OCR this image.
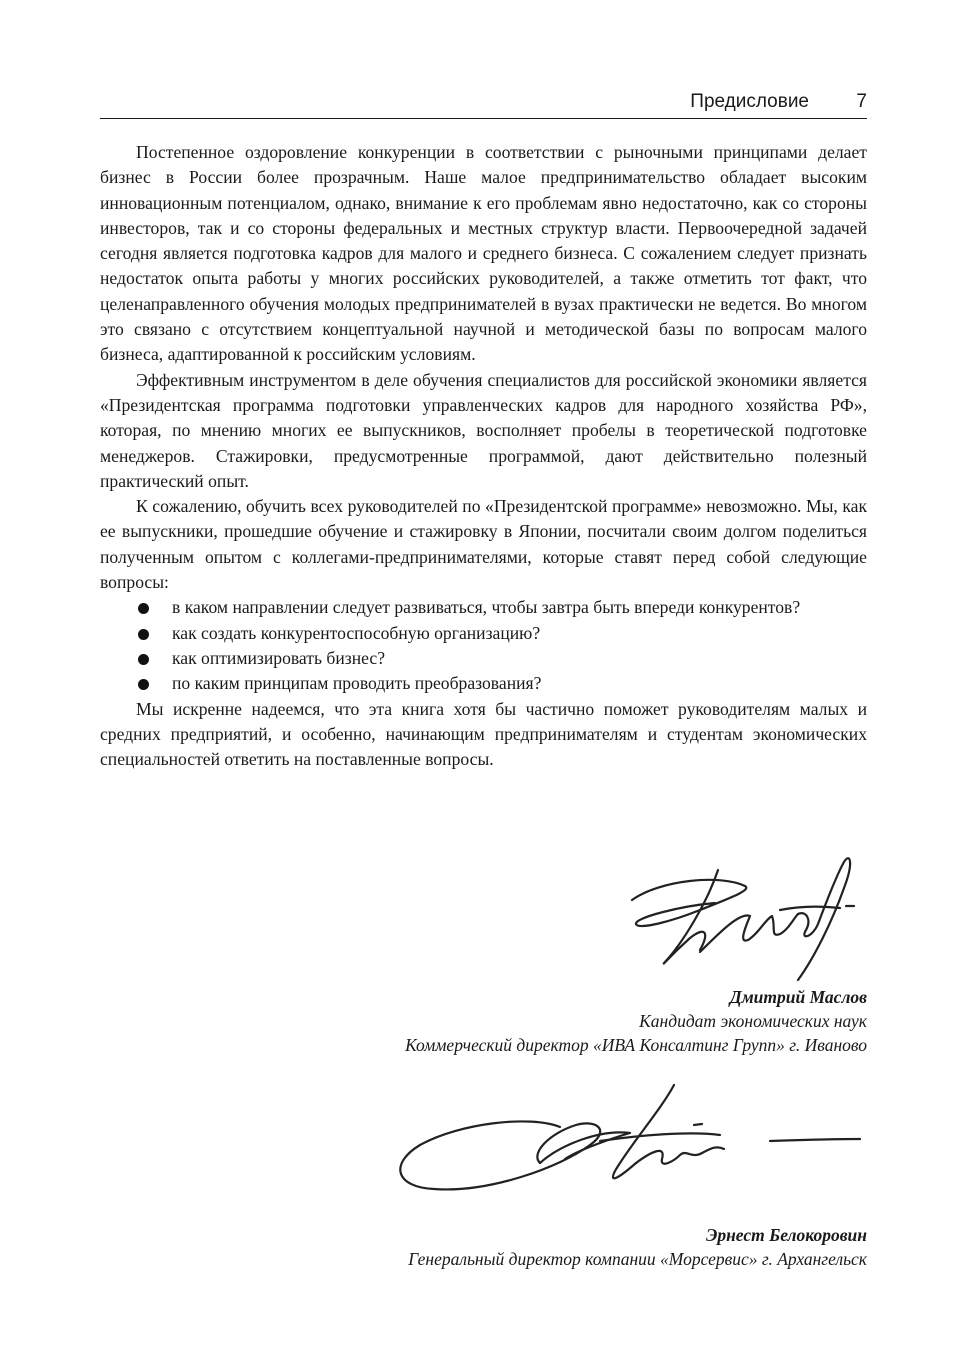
Предисловие 7

Постепенное оздоровление конкуренции в соответствии с рыночными принципами делает бизнес в России более прозрачным. Наше малое предпринимательство обладает высоким инновационным потенциалом, однако, внимание к его проблемам явно недостаточно, как со стороны инвесторов, так и со стороны федеральных и местных структур власти. Первоочередной задачей сегодня является подготовка кадров для малого и среднего бизнеса. С сожалением следует признать недостаток опыта работы у многих российских руководителей, а также отметить тот факт, что целенаправленного обучения молодых предпринимателей в вузах практически не ведется. Во многом это связано с отсутствием концептуальной научной и методической базы по вопросам малого бизнеса, адаптированной к российским условиям.

Эффективным инструментом в деле обучения специалистов для российской экономики является «Президентская программа подготовки управленческих кадров для народного хозяйства РФ», которая, по мнению многих ее выпускников, восполняет пробелы в теоретической подготовке менеджеров. Стажировки, предусмотренные программой, дают действительно полезный практический опыт.

К сожалению, обучить всех руководителей по «Президентской программе» невозможно. Мы, как ее выпускники, прошедшие обучение и стажировку в Японии, посчитали своим долгом поделиться полученным опытом с коллегами-предпринимателями, которые ставят перед собой следующие вопросы:

в каком направлении следует развиваться, чтобы завтра быть впереди конкурентов?
как создать конкурентоспособную организацию?
как оптимизировать бизнес?
по каким принципам проводить преобразования?

Мы искренне надеемся, что эта книга хотя бы частично поможет руководителям малых и средних предприятий, и особенно, начинающим предпринимателям и студентам экономических специальностей ответить на поставленные вопросы.

Дмитрий Маслов
Кандидат экономических наук
Коммерческий директор «ИВА Консалтинг Групп» г. Иваново
Эрнест Белокоровин
Генеральный директор компании «Морсервис» г. Архангельск
